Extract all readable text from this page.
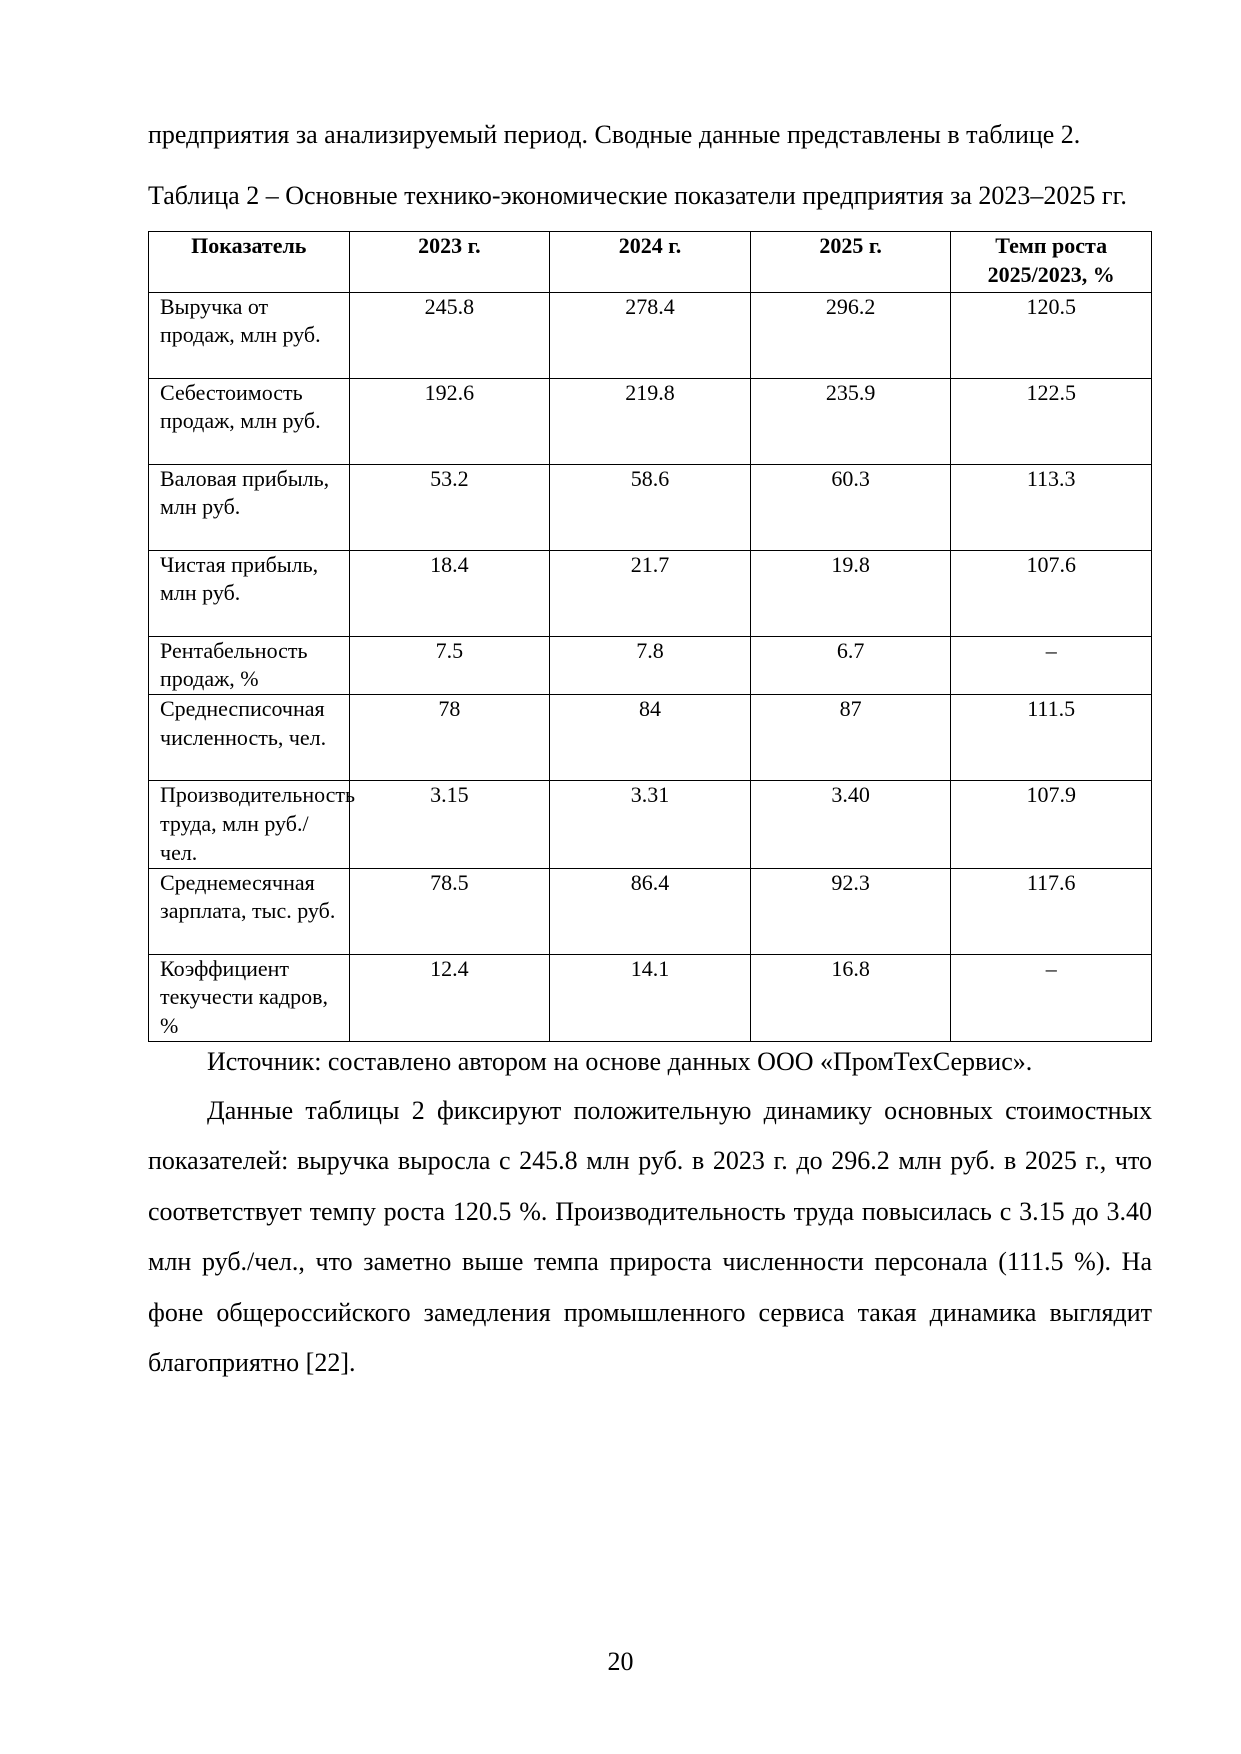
предприятия за анализируемый период. Сводные данные представлены в таблице 2.

Таблица 2 – Основные технико-экономические показатели предприятия за 2023–2025 гг.

Показатель	2023 г.	2024 г.	2025 г.	Темп роста 2025/2023, %
Выручка от продаж, млн руб.	245.8	278.4	296.2	120.5
Себестоимость продаж, млн руб.	192.6	219.8	235.9	122.5
Валовая прибыль, млн руб.	53.2	58.6	60.3	113.3
Чистая прибыль, млн руб.	18.4	21.7	19.8	107.6
Рентабельность продаж, %	7.5	7.8	6.7	–
Среднесписочная численность, чел.	78	84	87	111.5
Производительность труда, млн руб./чел.	3.15	3.31	3.40	107.9
Среднемесячная зарплата, тыс. руб.	78.5	86.4	92.3	117.6
Коэффициент текучести кадров, %	12.4	14.1	16.8	–

Источник: составлено автором на основе данных ООО «ПромТехСервис».

Данные таблицы 2 фиксируют положительную динамику основных стоимостных показателей: выручка выросла с 245.8 млн руб. в 2023 г. до 296.2 млн руб. в 2025 г., что соответствует темпу роста 120.5 %. Производительность труда повысилась с 3.15 до 3.40 млн руб./чел., что заметно выше темпа прироста численности персонала (111.5 %). На фоне общероссийского замедления промышленного сервиса такая динамика выглядит благоприятно [22].

20
